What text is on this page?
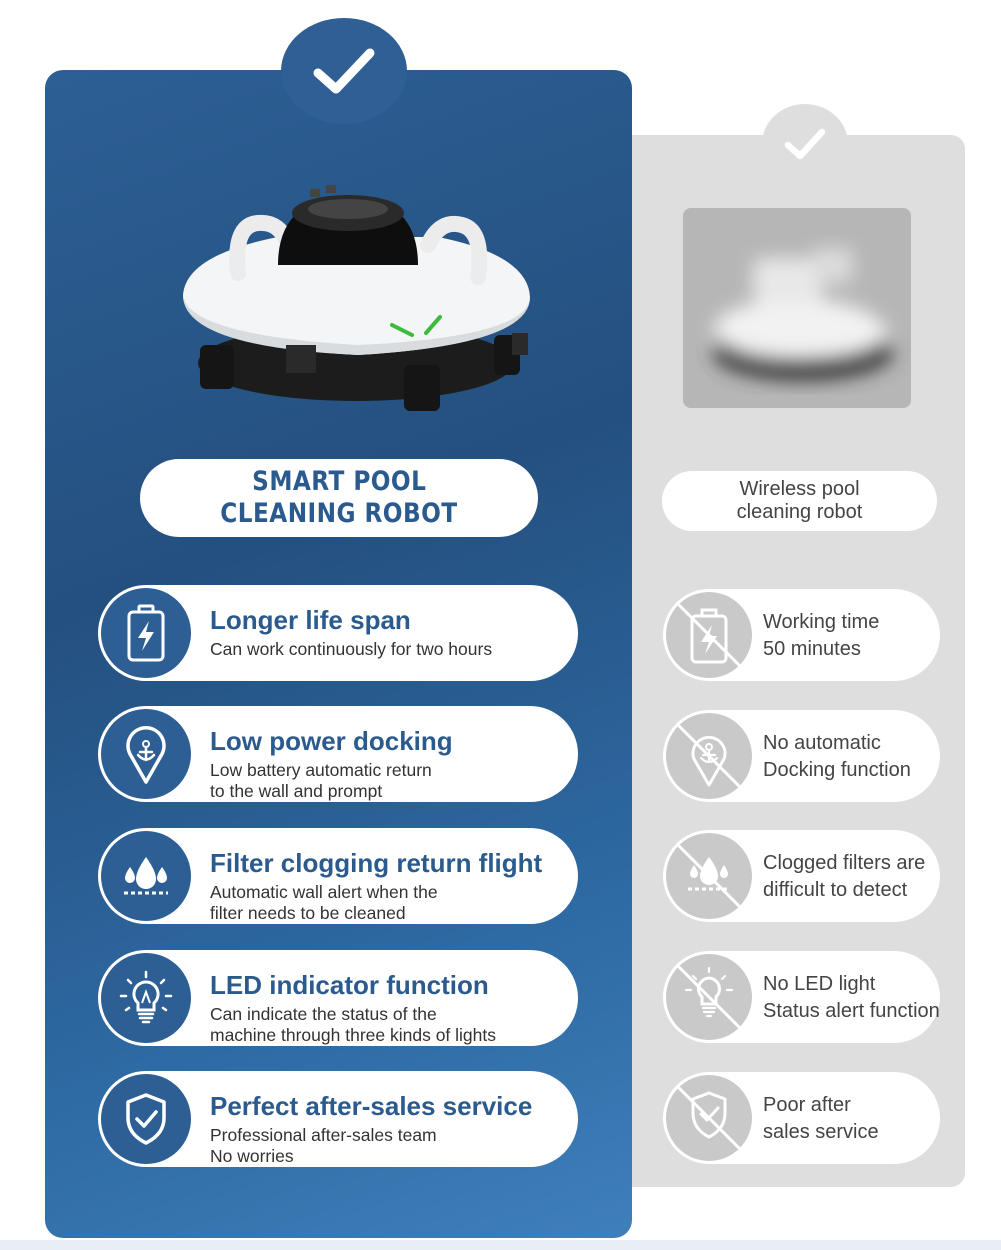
SMART POOL
CLEANING ROBOT
Longer life span
Can work continuously for two hours
Low power docking
Low battery automatic return
to the wall and prompt
Filter clogging return flight
Automatic wall alert when the
filter needs to be cleaned
LED indicator function
Can indicate the status of the
machine through three kinds of lights
Perfect after-sales service
Professional after-sales team
No worries
Wireless pool
cleaning robot
Working time
50 minutes
No automatic
Docking function
Clogged filters are
difficult to detect
No LED light
Status alert function
Poor after
sales service
